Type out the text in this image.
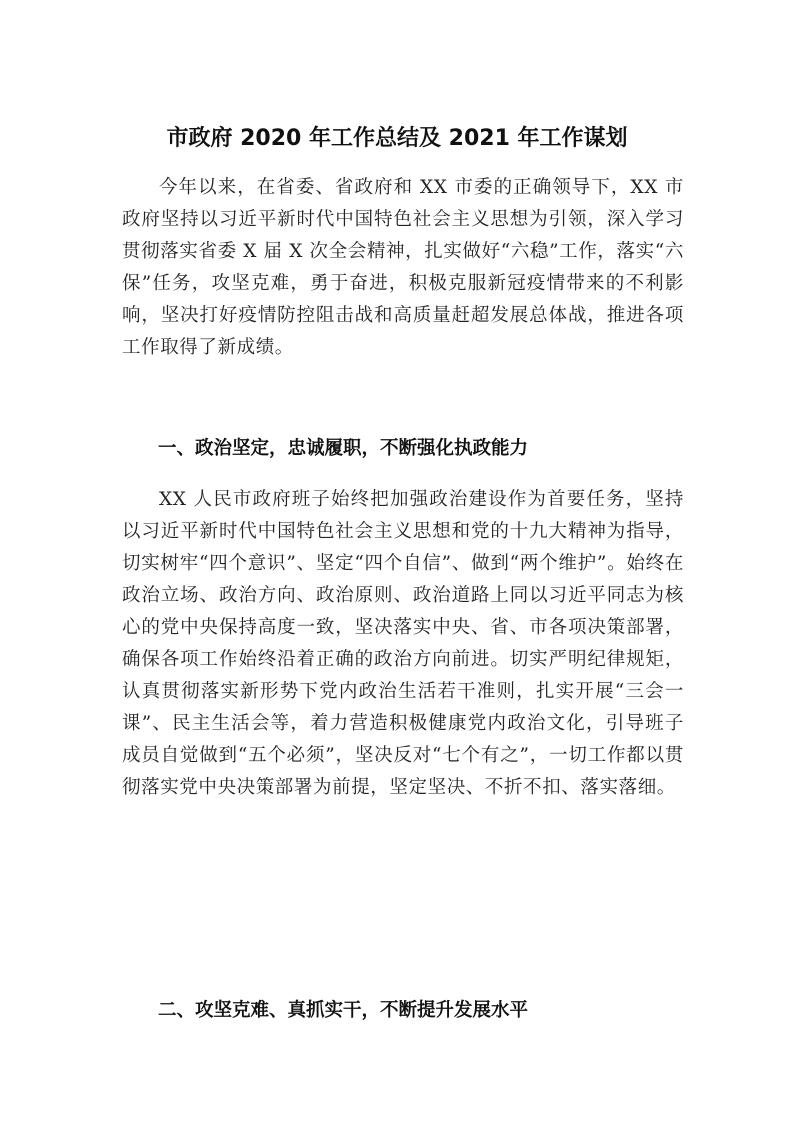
市政府 2020 年工作总结及 2021 年工作谋划

今年以来，在省委、省政府和 XX 市委的正确领导下，XX 市政府坚持以习近平新时代中国特色社会主义思想为引领，深入学习贯彻落实省委 X 届 X 次全会精神，扎实做好“六稳”工作，落实“六保”任务，攻坚克难，勇于奋进，积极克服新冠疫情带来的不利影响，坚决打好疫情防控阻击战和高质量赶超发展总体战，推进各项工作取得了新成绩。

一、政治坚定，忠诚履职，不断强化执政能力

XX 人民市政府班子始终把加强政治建设作为首要任务，坚持以习近平新时代中国特色社会主义思想和党的十九大精神为指导，切实树牢“四个意识”、坚定“四个自信”、做到“两个维护”。始终在政治立场、政治方向、政治原则、政治道路上同以习近平同志为核心的党中央保持高度一致，坚决落实中央、省、市各项决策部署，确保各项工作始终沿着正确的政治方向前进。切实严明纪律规矩，认真贯彻落实新形势下党内政治生活若干准则，扎实开展“三会一课”、民主生活会等，着力营造积极健康党内政治文化，引导班子成员自觉做到“五个必须”，坚决反对“七个有之”，一切工作都以贯彻落实党中央决策部署为前提，坚定坚决、不折不扣、落实落细。

二、攻坚克难、真抓实干，不断提升发展水平
